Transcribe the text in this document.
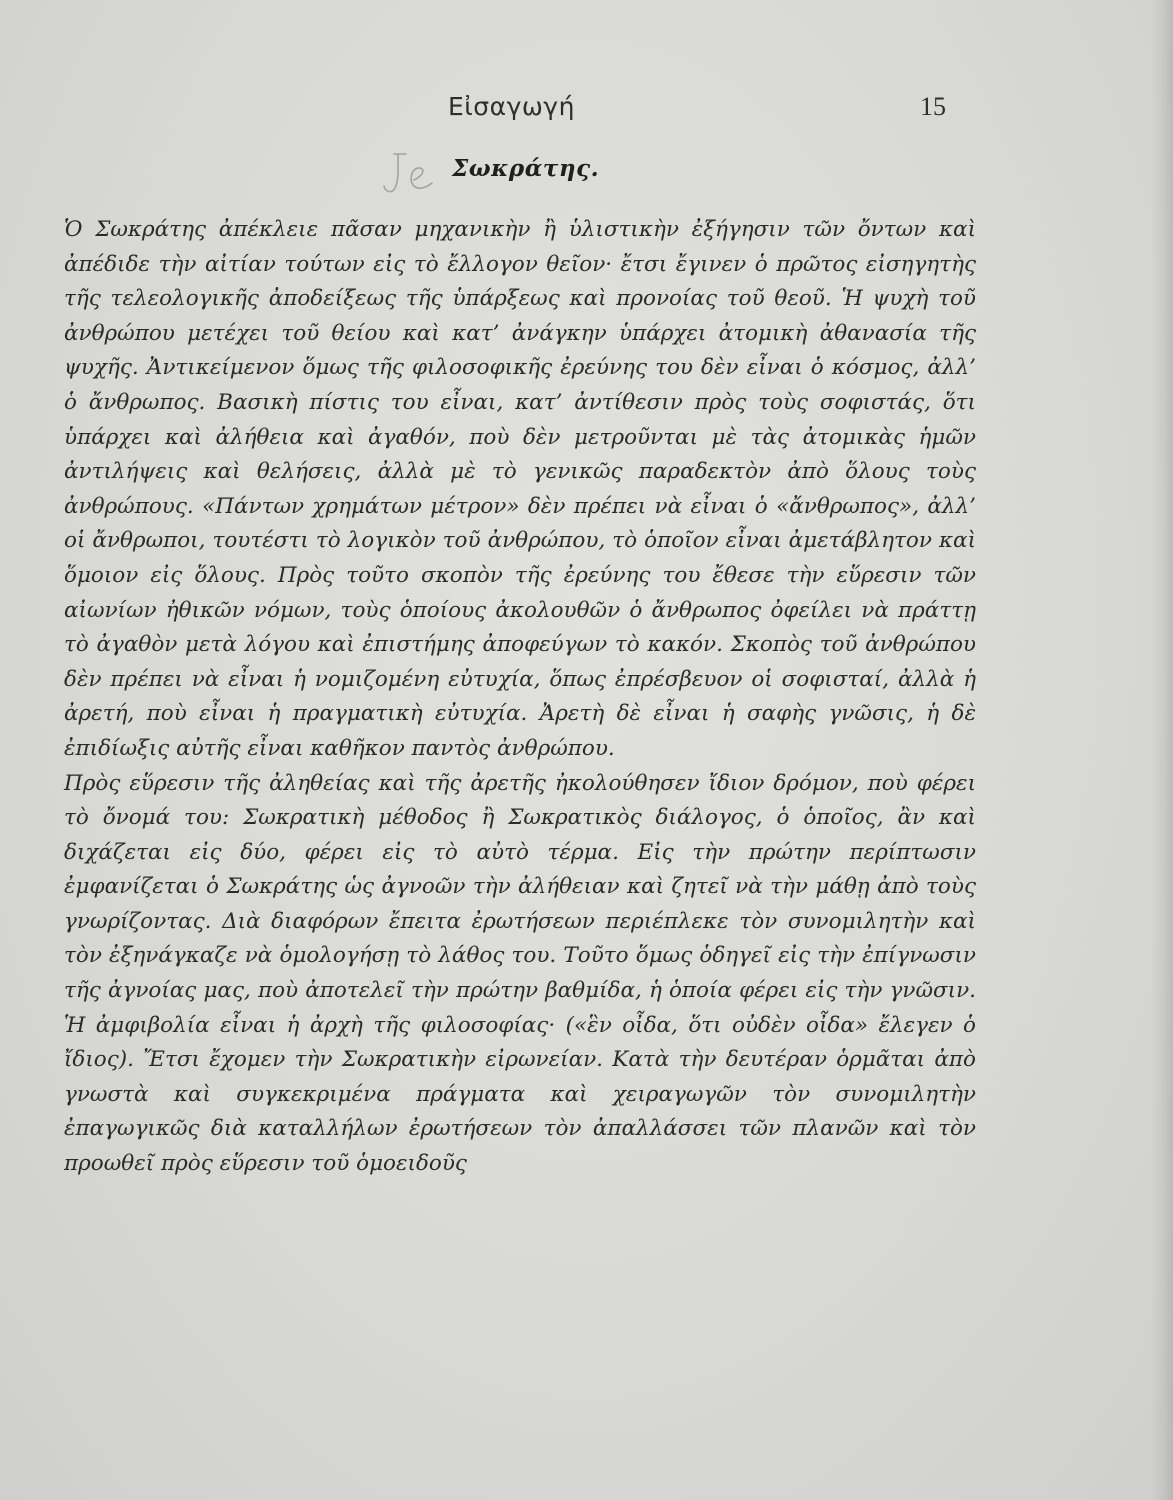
Εἰσαγωγή	15
Σωκράτης.

Ὁ Σωκράτης ἀπέκλειε πᾶσαν μηχανικὴν ἢ ὑλιστικὴν ἐξήγησιν τῶν ὄντων καὶ ἀπέδιδε τὴν αἰτίαν τούτων εἰς τὸ ἔλλογον θεῖον· ἔτσι ἔγινεν ὁ πρῶτος εἰσηγητὴς τῆς τελεολογικῆς ἀποδείξεως τῆς ὑπάρξεως καὶ προνοίας τοῦ θεοῦ. Ἡ ψυχὴ τοῦ ἀνθρώπου μετέχει τοῦ θείου καὶ κατ’ ἀνάγκην ὑπάρχει ἀτομικὴ ἀθανασία τῆς ψυχῆς. Ἀντικείμενον ὅμως τῆς φιλοσοφικῆς ἐρεύνης του δὲν εἶναι ὁ κόσμος, ἀλλ’ ὁ ἄνθρωπος. Βασικὴ πίστις του εἶναι, κατ’ ἀντίθεσιν πρὸς τοὺς σοφιστάς, ὅτι ὑπάρχει καὶ ἀλήθεια καὶ ἀγαθόν, ποὺ δὲν μετροῦνται μὲ τὰς ἀτομικὰς ἡμῶν ἀντιλήψεις καὶ θελήσεις, ἀλλὰ μὲ τὸ γενικῶς παραδεκτὸν ἀπὸ ὅλους τοὺς ἀνθρώπους. «Πάντων χρημάτων μέτρον» δὲν πρέπει νὰ εἶναι ὁ «ἄνθρωπος», ἀλλ’ οἱ ἄνθρωποι, τουτέστι τὸ λογικὸν τοῦ ἀνθρώπου, τὸ ὁποῖον εἶναι ἀμετάβλητον καὶ ὅμοιον εἰς ὅλους. Πρὸς τοῦτο σκοπὸν τῆς ἐρεύνης του ἔθεσε τὴν εὕρεσιν τῶν αἰωνίων ἠθικῶν νόμων, τοὺς ὁποίους ἀκολουθῶν ὁ ἄνθρωπος ὀφείλει νὰ πράττῃ τὸ ἀγαθὸν μετὰ λόγου καὶ ἐπιστήμης ἀποφεύγων τὸ κακόν. Σκοπὸς τοῦ ἀνθρώπου δὲν πρέπει νὰ εἶναι ἡ νομιζομένη εὐτυχία, ὅπως ἐπρέσβευον οἱ σοφισταί, ἀλλὰ ἡ ἀρετή, ποὺ εἶναι ἡ πραγματικὴ εὐτυχία. Ἀρετὴ δὲ εἶναι ἡ σαφὴς γνῶσις, ἡ δὲ ἐπιδίωξις αὐτῆς εἶναι καθῆκον παντὸς ἀνθρώπου.

Πρὸς εὕρεσιν τῆς ἀληθείας καὶ τῆς ἀρετῆς ἠκολούθησεν ἴδιον δρόμον, ποὺ φέρει τὸ ὄνομά του: Σωκρατικὴ μέθοδος ἢ Σωκρατικὸς διάλογος, ὁ ὁποῖος, ἂν καὶ διχάζεται εἰς δύο, φέρει εἰς τὸ αὐτὸ τέρμα. Εἰς τὴν πρώτην περίπτωσιν ἐμφανίζεται ὁ Σωκράτης ὡς ἀγνοῶν τὴν ἀλήθειαν καὶ ζητεῖ νὰ τὴν μάθῃ ἀπὸ τοὺς γνωρίζοντας. Διὰ διαφόρων ἔπειτα ἐρωτήσεων περιέπλεκε τὸν συνομιλητὴν καὶ τὸν ἐξηνάγκαζε νὰ ὁμολογήσῃ τὸ λάθος του. Τοῦτο ὅμως ὁδηγεῖ εἰς τὴν ἐπίγνωσιν τῆς ἀγνοίας μας, ποὺ ἀποτελεῖ τὴν πρώτην βαθμίδα, ἡ ὁποία φέρει εἰς τὴν γνῶσιν. Ἡ ἀμφιβολία εἶναι ἡ ἀρχὴ τῆς φιλοσοφίας· («ἓν οἶδα, ὅτι οὐδὲν οἶδα» ἔλεγεν ὁ ἴδιος). Ἔτσι ἔχομεν τὴν Σωκρατικὴν εἰρωνείαν. Κατὰ τὴν δευτέραν ὁρμᾶται ἀπὸ γνωστὰ καὶ συγκεκριμένα πράγματα καὶ χειραγωγῶν τὸν συνομιλητὴν ἐπαγωγικῶς διὰ καταλλήλων ἐρωτήσεων τὸν ἀπαλλάσσει τῶν πλανῶν καὶ τὸν προωθεῖ πρὸς εὕρεσιν τοῦ ὁμοειδοῦς
